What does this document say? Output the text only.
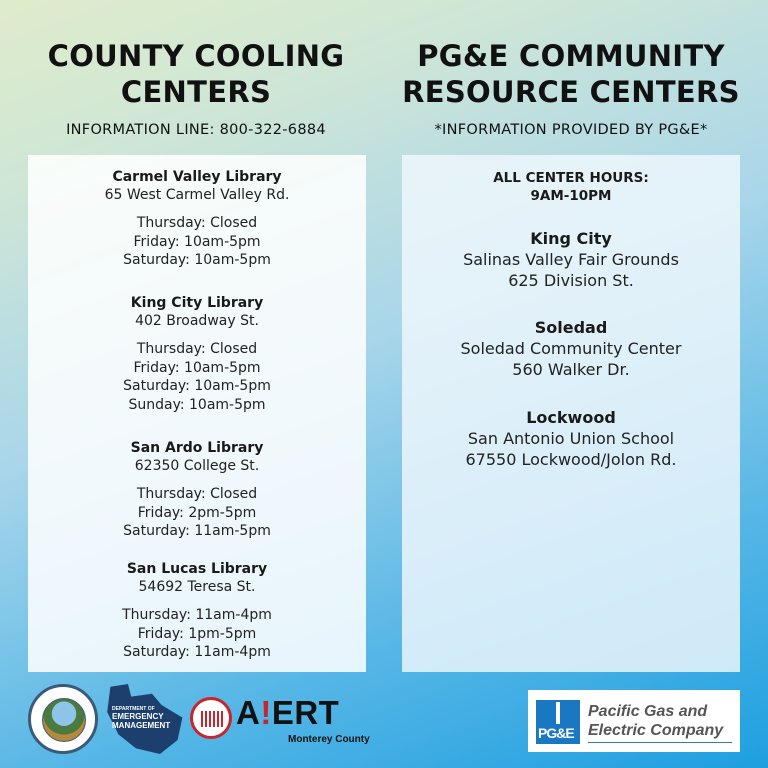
COUNTY COOLING
CENTERS
PG&E COMMUNITY
RESOURCE CENTERS
INFORMATION LINE: 800-322-6884	*INFORMATION PROVIDED BY PG&E*
Carmel Valley Library
65 West Carmel Valley Rd.
Thursday: Closed
Friday: 10am-5pm
Saturday: 10am-5pm
King City Library
402 Broadway St.
Thursday: Closed
Friday: 10am-5pm
Saturday: 10am-5pm
Sunday: 10am-5pm
San Ardo Library
62350 College St.
Thursday: Closed
Friday: 2pm-5pm
Saturday: 11am-5pm
San Lucas Library
54692 Teresa St.
Thursday: 11am-4pm
Friday: 1pm-5pm
Saturday: 11am-4pm
ALL CENTER HOURS:
9AM-10PM
King City
Salinas Valley Fair Grounds
625 Division St.
Soledad
Soledad Community Center
560 Walker Dr.
Lockwood
San Antonio Union School
67550 Lockwood/Jolon Rd.
DEPARTMENT OF
EMERGENCY
MANAGEMENT	A!ERT
Monterey County	PG&E
Pacific Gas and
Electric Company
